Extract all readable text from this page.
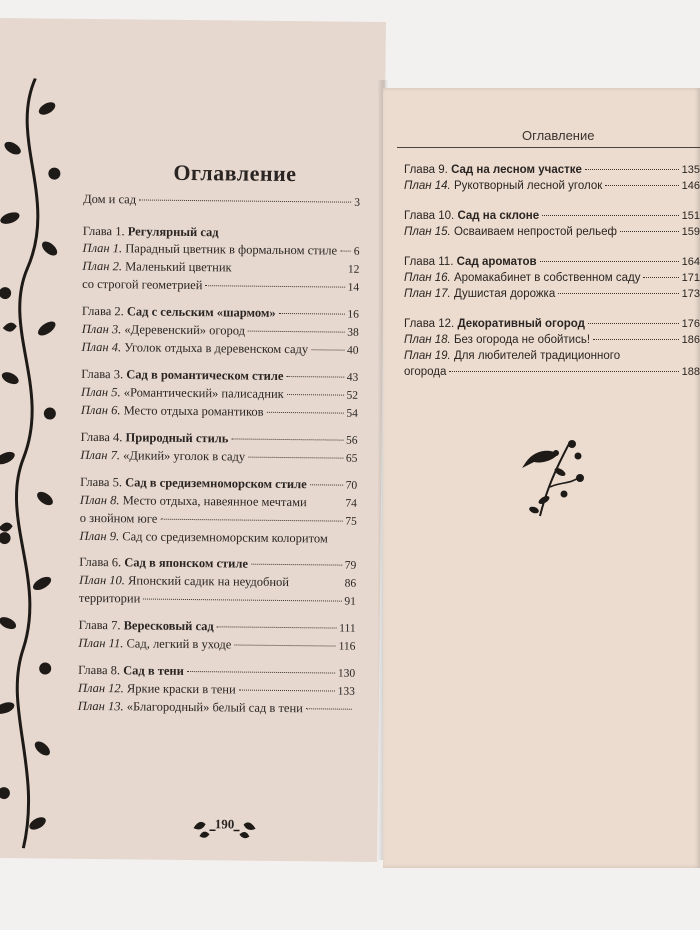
Оглавление
Дом и сад	3
Глава 1. Регулярный сад
План 1. Парадный цветник в формальном стиле 6
План 2. Маленький цветник	12
со строгой геометрией	14
Глава 2. Сад с сельским «шармом»	16
План 3. «Деревенский» огород	38
План 4. Уголок отдыха в деревенском саду	40
Глава 3. Сад в романтическом стиле	43
План 5. «Романтический» палисадник	52
План 6. Место отдыха романтиков	54
Глава 4. Природный стиль	56
План 7. «Дикий» уголок в саду	65
Глава 5. Сад в средиземноморском стиле	70
План 8. Место отдыха, навеянное мечтами	74
о знойном юге	75
План 9. Сад со средиземноморским колоритом
Глава 6. Сад в японском стиле	79
План 10. Японский садик на неудобной	86
территории	91
Глава 7. Вересковый сад	111
План 11. Сад, легкий в уходе	116
Глава 8. Сад в тени	130
План 12. Яркие краски в тени	133
План 13. «Благородный» белый сад в тени
190
Оглавление
Глава 9. Сад на лесном участке	135
План 14. Рукотворный лесной уголок	146
Глава 10. Сад на склоне	151
План 15. Осваиваем непростой рельеф	159
Глава 11. Сад ароматов	164
План 16. Аромакабинет в собственном саду	171
План 17. Душистая дорожка	173
Глава 12. Декоративный огород	176
План 18. Без огорода не обойтись!	186
План 19. Для любителей традиционного
огорода	188
